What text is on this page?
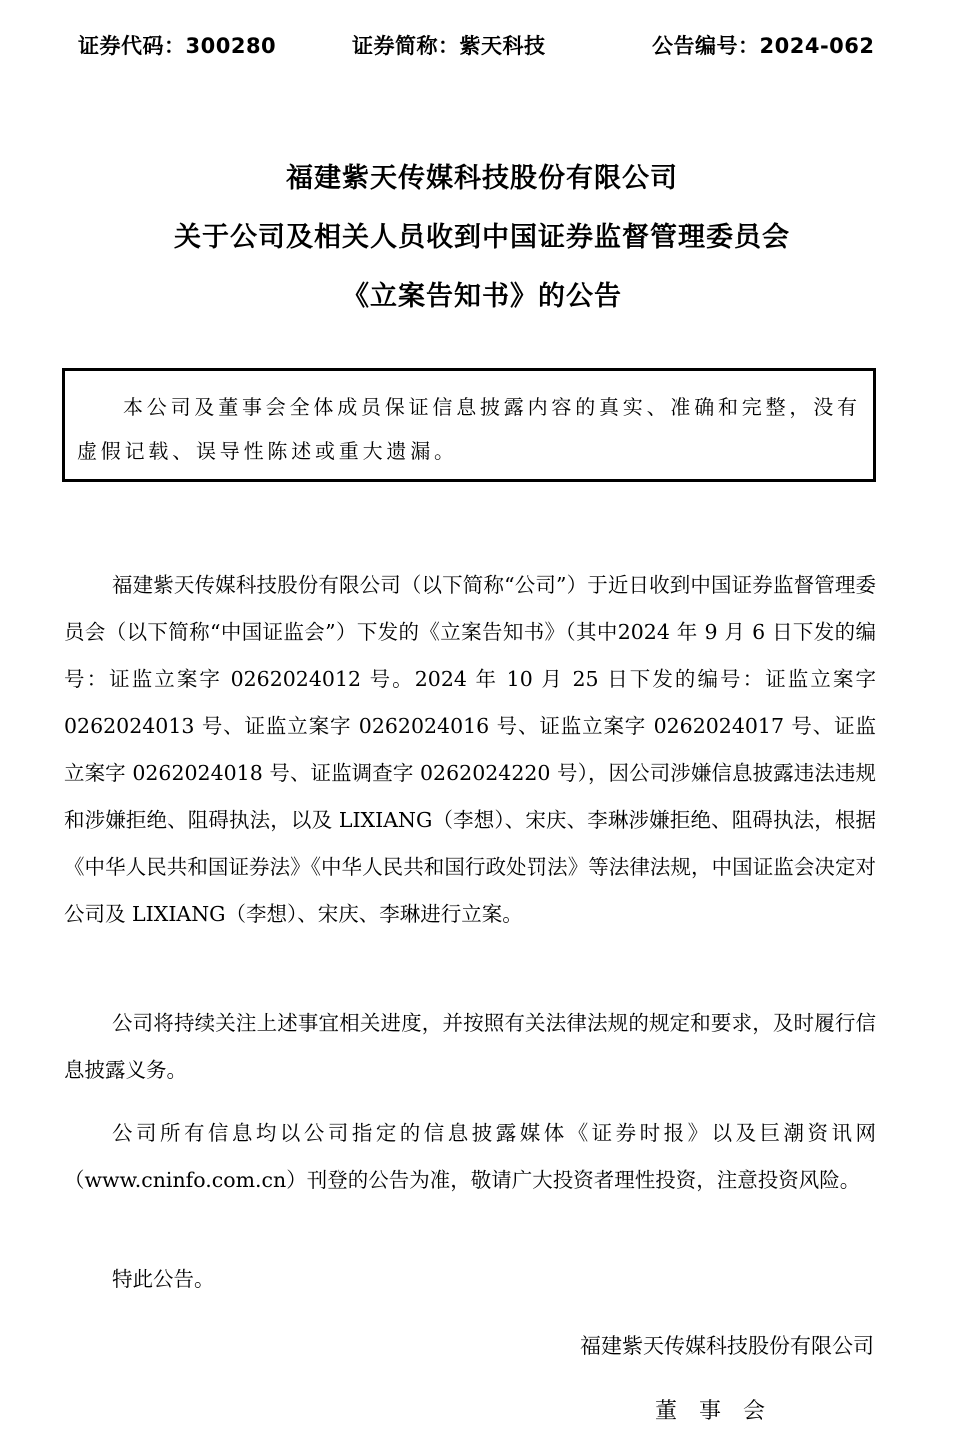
证券代码：300280	证券简称：紫天科技	公告编号：2024-062
福建紫天传媒科技股份有限公司
关于公司及相关人员收到中国证券监督管理委员会
《立案告知书》的公告
本公司及董事会全体成员保证信息披露内容的真实、准确和完整，没有虚假记载、误导性陈述或重大遗漏。
福建紫天传媒科技股份有限公司（以下简称“公司”）于近日收到中国证券监督管理委员会（以下简称“中国证监会”）下发的《立案告知书》（其中2024 年 9 月 6 日下发的编号：证监立案字 0262024012 号。2024 年 10 月 25 日下发的编号：证监立案字 0262024013 号、证监立案字 0262024016 号、证监立案字 0262024017 号、证监立案字 0262024018 号、证监调查字 0262024220 号），因公司涉嫌信息披露违法违规和涉嫌拒绝、阻碍执法，以及 LIXIANG（李想）、宋庆、李琳涉嫌拒绝、阻碍执法，根据《中华人民共和国证券法》《中华人民共和国行政处罚法》等法律法规，中国证监会决定对公司及 LIXIANG（李想）、宋庆、李琳进行立案。
公司将持续关注上述事宜相关进度，并按照有关法律法规的规定和要求，及时履行信息披露义务。
公司所有信息均以公司指定的信息披露媒体《证券时报》以及巨潮资讯网（www.cninfo.com.cn）刊登的公告为准，敬请广大投资者理性投资，注意投资风险。
特此公告。
福建紫天传媒科技股份有限公司
董事会
